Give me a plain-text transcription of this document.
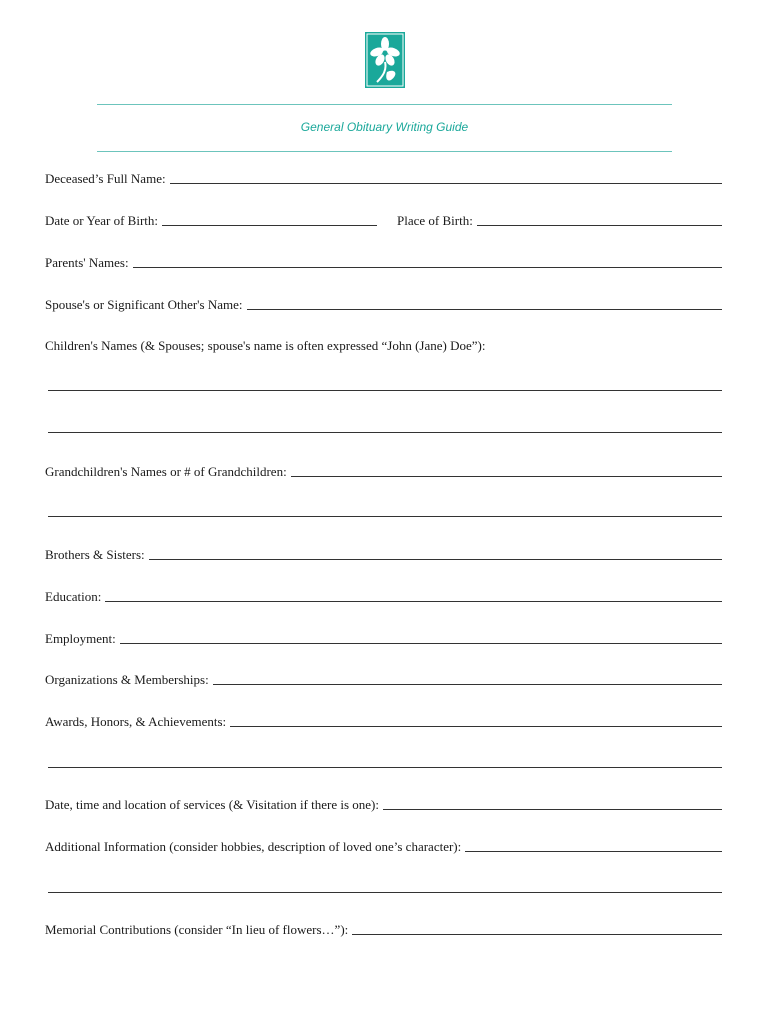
General Obituary Writing Guide
Deceased’s Full Name:
Date or Year of Birth:	Place of Birth:
Parents' Names:
Spouse's or Significant Other's Name:
Children's Names (& Spouses; spouse's name is often expressed “John (Jane) Doe”):
Grandchildren's Names or # of Grandchildren:
Brothers & Sisters:
Education:
Employment:
Organizations & Memberships:
Awards, Honors, & Achievements:
Date, time and location of services (& Visitation if there is one):
Additional Information (consider hobbies, description of loved one’s character):
Memorial Contributions (consider “In lieu of flowers…”):
